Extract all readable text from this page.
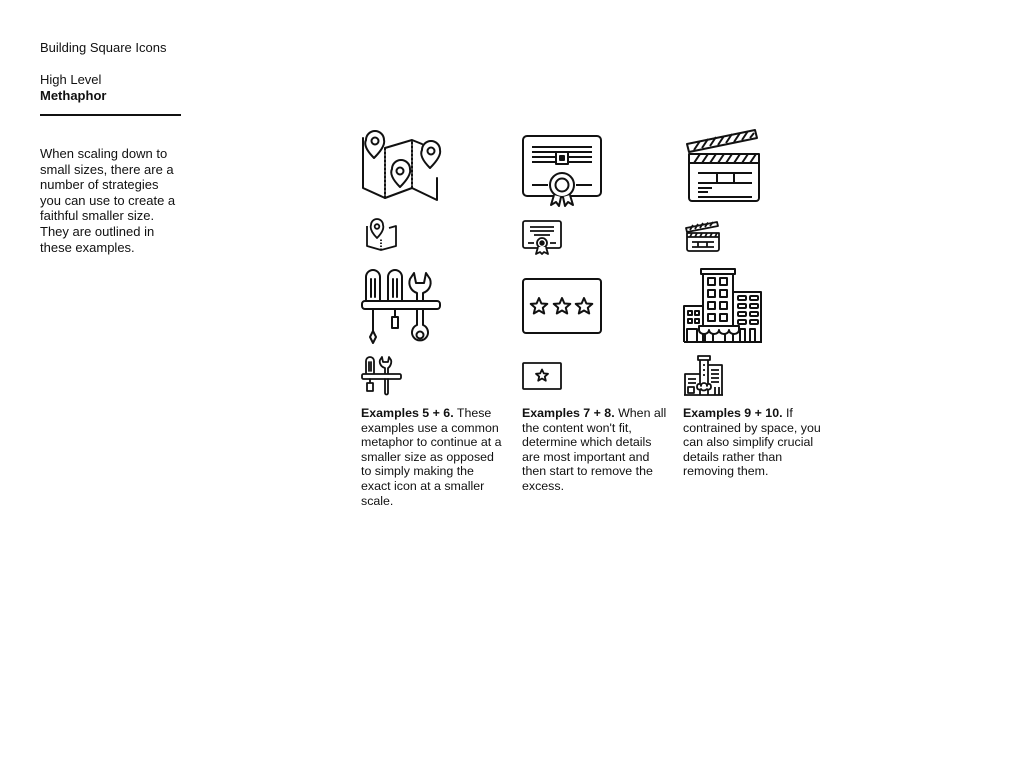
Building Square Icons
High Level
Methaphor

When scaling down to small sizes, there are a number of strategies you can use to create a faithful smaller size. They are outlined in these examples.

Examples 5 + 6. These examples use a common metaphor to continue at a smaller size as opposed to simply making the exact icon at a smaller scale.
Examples 7 + 8. When all the content won't fit, determine which details are most important and then start to remove the excess.
Examples 9 + 10. If contrained by space, you can also simplify crucial details rather than removing them.
